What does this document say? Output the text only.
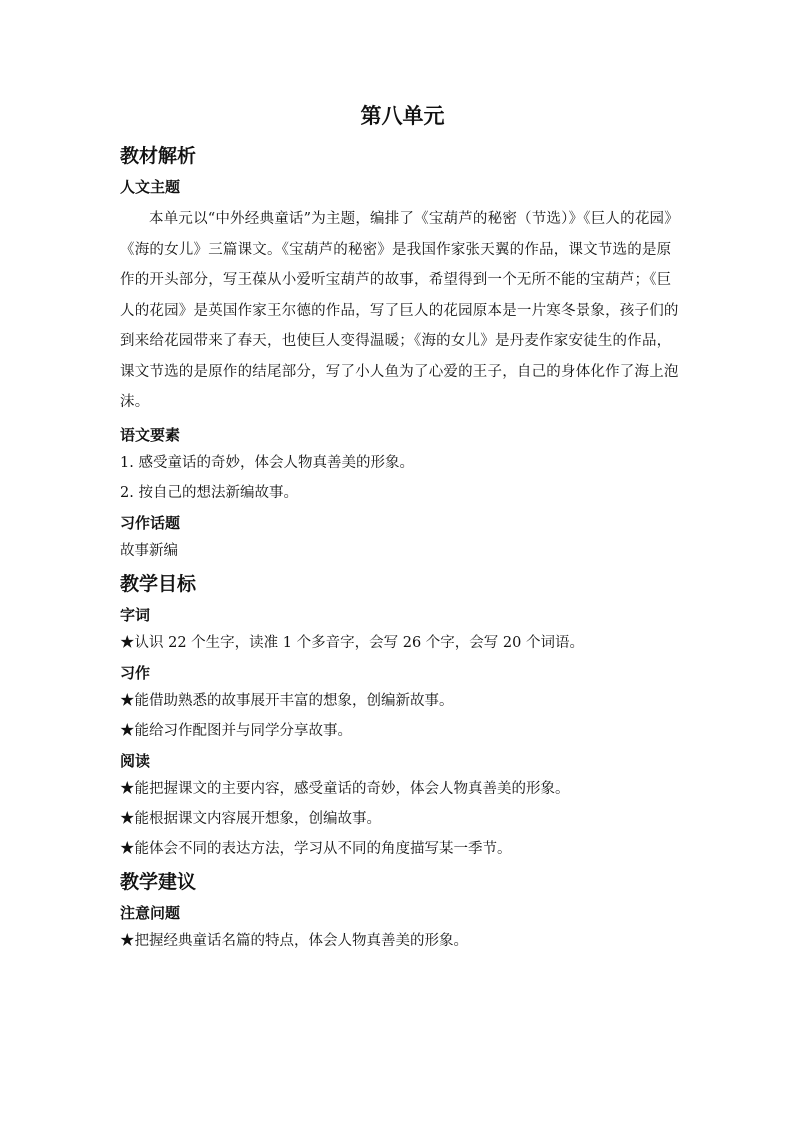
第八单元
教材解析
人文主题

本单元以“中外经典童话”为主题，编排了《宝葫芦的秘密（节选）》《巨人的花园》《海的女儿》三篇课文。《宝葫芦的秘密》是我国作家张天翼的作品，课文节选的是原作的开头部分，写王葆从小爱听宝葫芦的故事，希望得到一个无所不能的宝葫芦；《巨人的花园》是英国作家王尔德的作品，写了巨人的花园原本是一片寒冬景象，孩子们的到来给花园带来了春天，也使巨人变得温暖；《海的女儿》是丹麦作家安徒生的作品，课文节选的是原作的结尾部分，写了小人鱼为了心爱的王子，自己的身体化作了海上泡沫。

语文要素
1. 感受童话的奇妙，体会人物真善美的形象。
2. 按自己的想法新编故事。
习作话题
故事新编
教学目标
字词
★认识 22 个生字，读准 1 个多音字，会写 26 个字，会写 20 个词语。
习作
★能借助熟悉的故事展开丰富的想象，创编新故事。
★能给习作配图并与同学分享故事。
阅读
★能把握课文的主要内容，感受童话的奇妙，体会人物真善美的形象。
★能根据课文内容展开想象，创编故事。
★能体会不同的表达方法，学习从不同的角度描写某一季节。
教学建议
注意问题
★把握经典童话名篇的特点，体会人物真善美的形象。
